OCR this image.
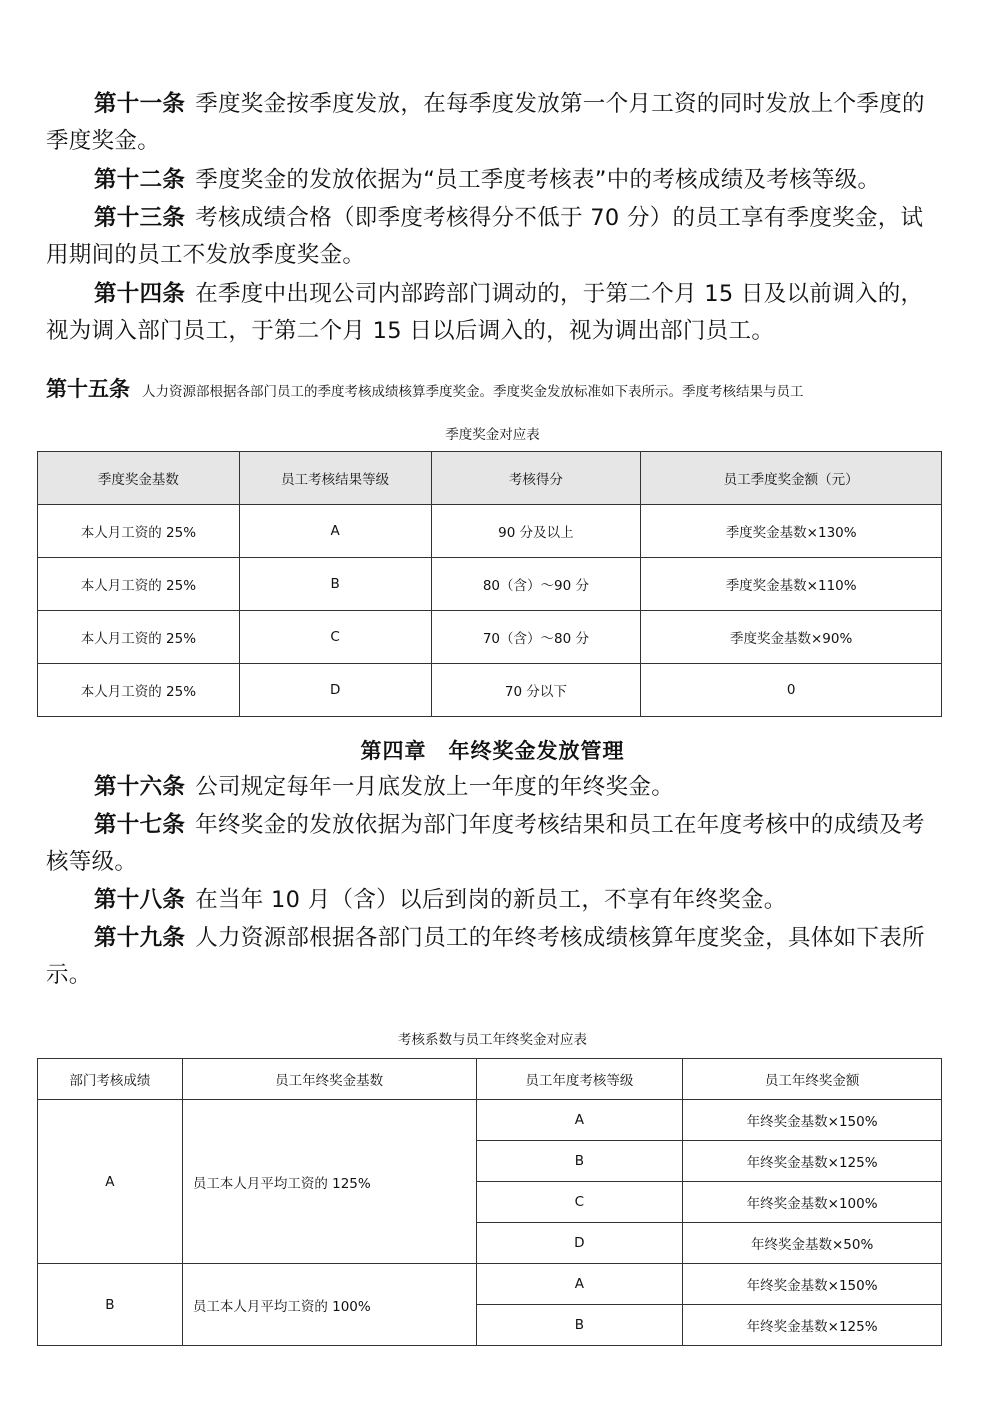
第十一条 季度奖金按季度发放，在每季度发放第一个月工资的同时发放上个季度的季度奖金。

第十二条 季度奖金的发放依据为“员工季度考核表”中的考核成绩及考核等级。

第十三条 考核成绩合格（即季度考核得分不低于 70 分）的员工享有季度奖金，试用期间的员工不发放季度奖金。

第十四条 在季度中出现公司内部跨部门调动的，于第二个月 15 日及以前调入的，视为调入部门员工，于第二个月 15 日以后调入的，视为调出部门员工。

第十五条 人力资源部根据各部门员工的季度考核成绩核算季度奖金。季度奖金发放标准如下表所示。季度考核结果与员工
季度奖金对应表
季度奖金基数	员工考核结果等级	考核得分	员工季度奖金额（元）
本人月工资的 25%	A	90 分及以上	季度奖金基数×130%
本人月工资的 25%	B	80（含）～90 分	季度奖金基数×110%
本人月工资的 25%	C	70（含）～80 分	季度奖金基数×90%
本人月工资的 25%	D	70 分以下	0
第四章　年终奖金发放管理

第十六条 公司规定每年一月底发放上一年度的年终奖金。

第十七条 年终奖金的发放依据为部门年度考核结果和员工在年度考核中的成绩及考核等级。

第十八条 在当年 10 月（含）以后到岗的新员工，不享有年终奖金。

第十九条 人力资源部根据各部门员工的年终考核成绩核算年度奖金，具体如下表所示。

考核系数与员工年终奖金对应表
部门考核成绩	员工年终奖金基数	员工年度考核等级	员工年终奖金额
A	员工本人月平均工资的 125%	A	年终奖金基数×150%
		B	年终奖金基数×125%
		C	年终奖金基数×100%
		D	年终奖金基数×50%
B	员工本人月平均工资的 100%	A	年终奖金基数×150%
		B	年终奖金基数×125%
